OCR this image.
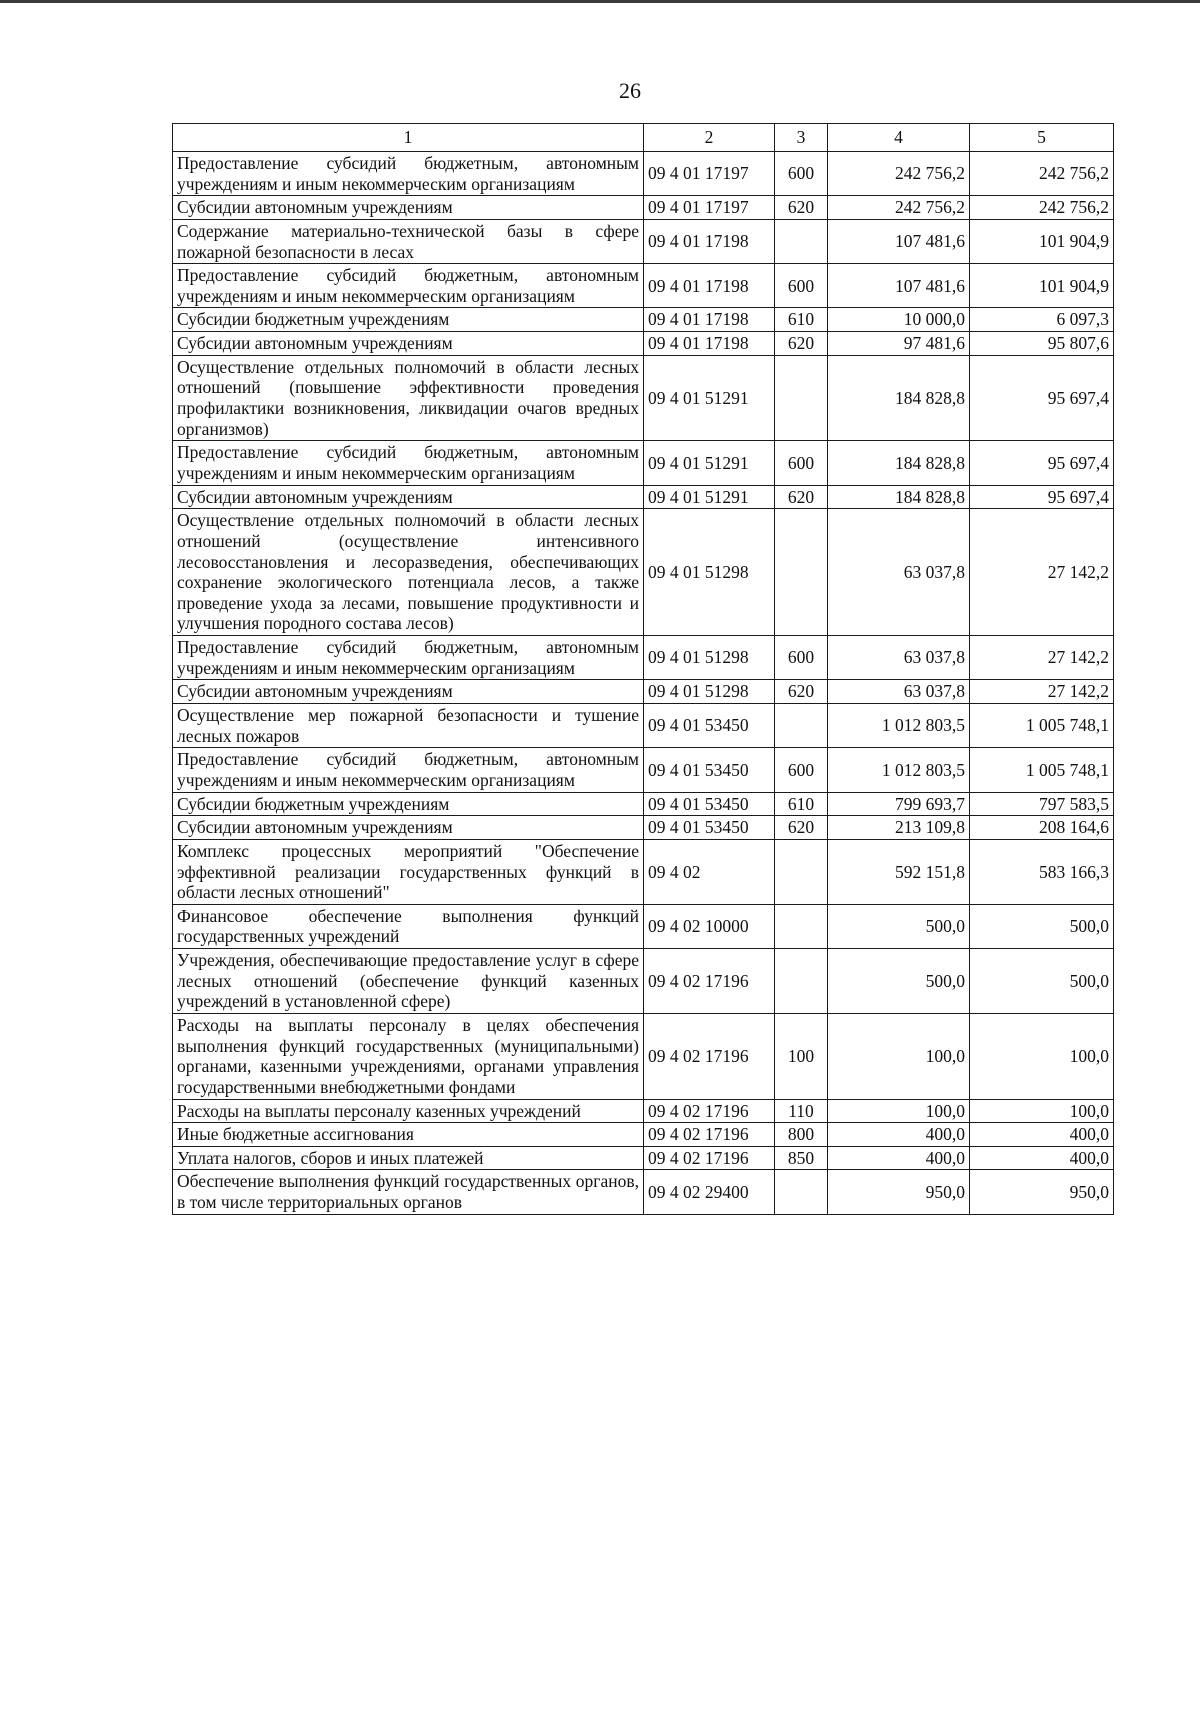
26
1	2	3	4	5
Предоставление субсидий бюджетным, автономным учреждениям и иным некоммерческим организациям	09 4 01 17197	600	242 756,2	242 756,2
Субсидии автономным учреждениям	09 4 01 17197	620	242 756,2	242 756,2
Содержание материально-технической базы в сфере пожарной безопасности в лесах	09 4 01 17198		107 481,6	101 904,9
Предоставление субсидий бюджетным, автономным учреждениям и иным некоммерческим организациям	09 4 01 17198	600	107 481,6	101 904,9
Субсидии бюджетным учреждениям	09 4 01 17198	610	10 000,0	6 097,3
Субсидии автономным учреждениям	09 4 01 17198	620	97 481,6	95 807,6
Осуществление отдельных полномочий в области лесных отношений (повышение эффективности проведения профилактики возникновения, ликвидации очагов вредных организмов)	09 4 01 51291		184 828,8	95 697,4
Предоставление субсидий бюджетным, автономным учреждениям и иным некоммерческим организациям	09 4 01 51291	600	184 828,8	95 697,4
Субсидии автономным учреждениям	09 4 01 51291	620	184 828,8	95 697,4
Осуществление отдельных полномочий в области лесных отношений (осуществление интенсивного лесовосстановления и лесоразведения, обеспечивающих сохранение экологического потенциала лесов, а также проведение ухода за лесами, повышение продуктивности и улучшения породного состава лесов)	09 4 01 51298		63 037,8	27 142,2
Предоставление субсидий бюджетным, автономным учреждениям и иным некоммерческим организациям	09 4 01 51298	600	63 037,8	27 142,2
Субсидии автономным учреждениям	09 4 01 51298	620	63 037,8	27 142,2
Осуществление мер пожарной безопасности и тушение лесных пожаров	09 4 01 53450		1 012 803,5	1 005 748,1
Предоставление субсидий бюджетным, автономным учреждениям и иным некоммерческим организациям	09 4 01 53450	600	1 012 803,5	1 005 748,1
Субсидии бюджетным учреждениям	09 4 01 53450	610	799 693,7	797 583,5
Субсидии автономным учреждениям	09 4 01 53450	620	213 109,8	208 164,6
Комплекс процессных мероприятий "Обеспечение эффективной реализации государственных функций в области лесных отношений"	09 4 02		592 151,8	583 166,3
Финансовое обеспечение выполнения функций государственных учреждений	09 4 02 10000		500,0	500,0
Учреждения, обеспечивающие предоставление услуг в сфере лесных отношений (обеспечение функций казенных учреждений в установленной сфере)	09 4 02 17196		500,0	500,0
Расходы на выплаты персоналу в целях обеспечения выполнения функций государственных (муниципальными) органами, казенными учреждениями, органами управления государственными внебюджетными фондами	09 4 02 17196	100	100,0	100,0
Расходы на выплаты персоналу казенных учреждений	09 4 02 17196	110	100,0	100,0
Иные бюджетные ассигнования	09 4 02 17196	800	400,0	400,0
Уплата налогов, сборов и иных платежей	09 4 02 17196	850	400,0	400,0
Обеспечение выполнения функций государственных органов, в том числе территориальных органов	09 4 02 29400		950,0	950,0
